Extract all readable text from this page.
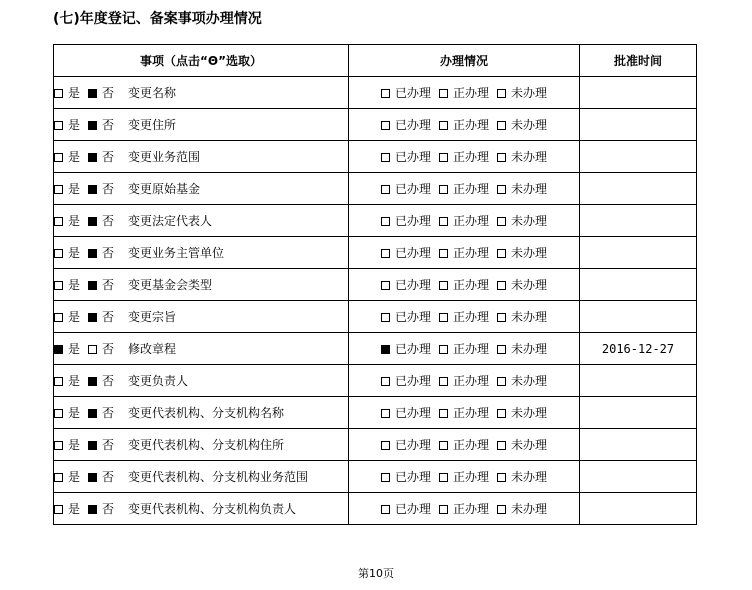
(七)年度登记、备案事项办理情况
事项（点击“Θ”选取）	办理情况	批准时间
是 否 变更名称	已办理 正办理 未办理	
是 否 变更住所	已办理 正办理 未办理	
是 否 变更业务范围	已办理 正办理 未办理	
是 否 变更原始基金	已办理 正办理 未办理	
是 否 变更法定代表人	已办理 正办理 未办理	
是 否 变更业务主管单位	已办理 正办理 未办理	
是 否 变更基金会类型	已办理 正办理 未办理	
是 否 变更宗旨	已办理 正办理 未办理	
是 否 修改章程	已办理 正办理 未办理	2016-12-27
是 否 变更负责人	已办理 正办理 未办理	
是 否 变更代表机构、分支机构名称	已办理 正办理 未办理	
是 否 变更代表机构、分支机构住所	已办理 正办理 未办理	
是 否 变更代表机构、分支机构业务范围	已办理 正办理 未办理	
是 否 变更代表机构、分支机构负责人	已办理 正办理 未办理	
第10页
